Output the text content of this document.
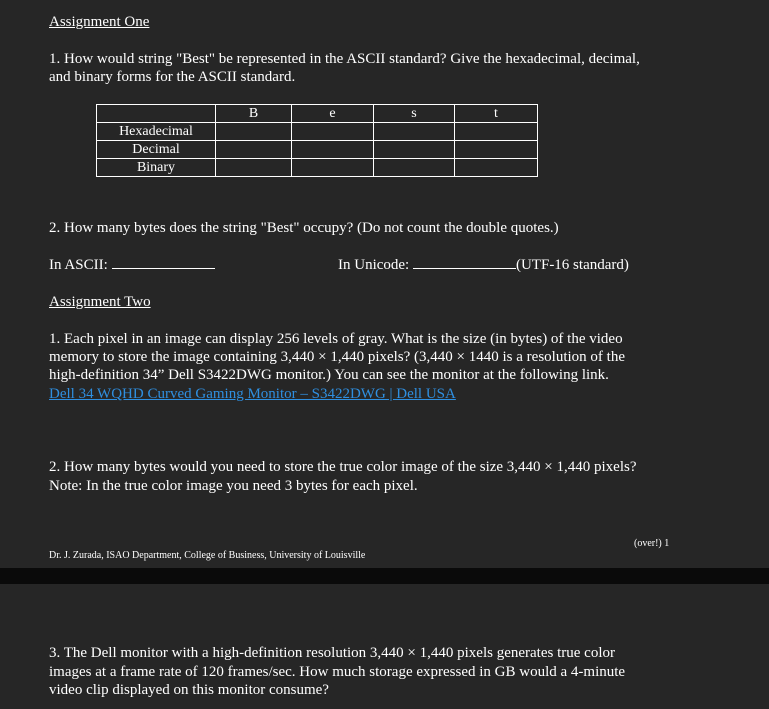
Assignment One

1. How would string "Best" be represented in the ASCII standard? Give the hexadecimal, decimal,

and binary forms for the ASCII standard.

	B	e	s	t
Hexadecimal				
Decimal				
Binary				

2. How many bytes does the string "Best" occupy? (Do not count the double quotes.)

In ASCII:	In Unicode:	(UTF-16 standard)

Assignment Two

1. Each pixel in an image can display 256 levels of gray. What is the size (in bytes) of the video

memory to store the image containing 3,440 × 1,440 pixels? (3,440 × 1440 is a resolution of the

high-definition 34” Dell S3422DWG monitor.) You can see the monitor at the following link.

Dell 34 WQHD Curved Gaming Monitor – S3422DWG | Dell USA

2. How many bytes would you need to store the true color image of the size 3,440 × 1,440 pixels?

Note: In the true color image you need 3 bytes for each pixel.

(over!) 1

Dr. J. Zurada, ISAO Department, College of Business, University of Louisville

3. The Dell monitor with a high-definition resolution 3,440 × 1,440 pixels generates true color

images at a frame rate of 120 frames/sec. How much storage expressed in GB would a 4-minute

video clip displayed on this monitor consume?
